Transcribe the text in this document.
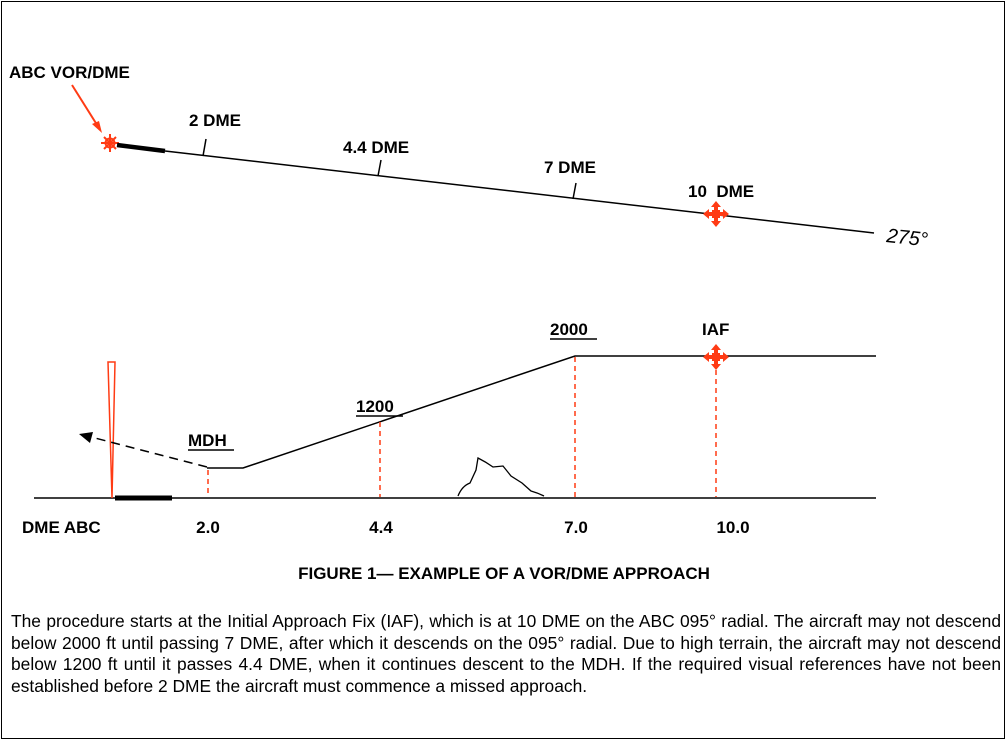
ABC VOR/DME
2 DME
4.4 DME
7 DME
10  DME
275°
MDH
1200
2000	IAF
DME ABC	2.0	4.4	7.0	10.0
FIGURE 1— EXAMPLE OF A VOR/DME APPROACH

The procedure starts at the Initial Approach Fix (IAF), which is at 10 DME on the ABC 095° radial. The aircraft may not descend below 2000 ft until passing 7 DME, after which it descends on the 095° radial. Due to high terrain, the aircraft may not descend below 1200 ft until it passes 4.4 DME, when it continues descent to the MDH. If the required visual references have not been established before 2 DME the aircraft must commence a missed approach.
